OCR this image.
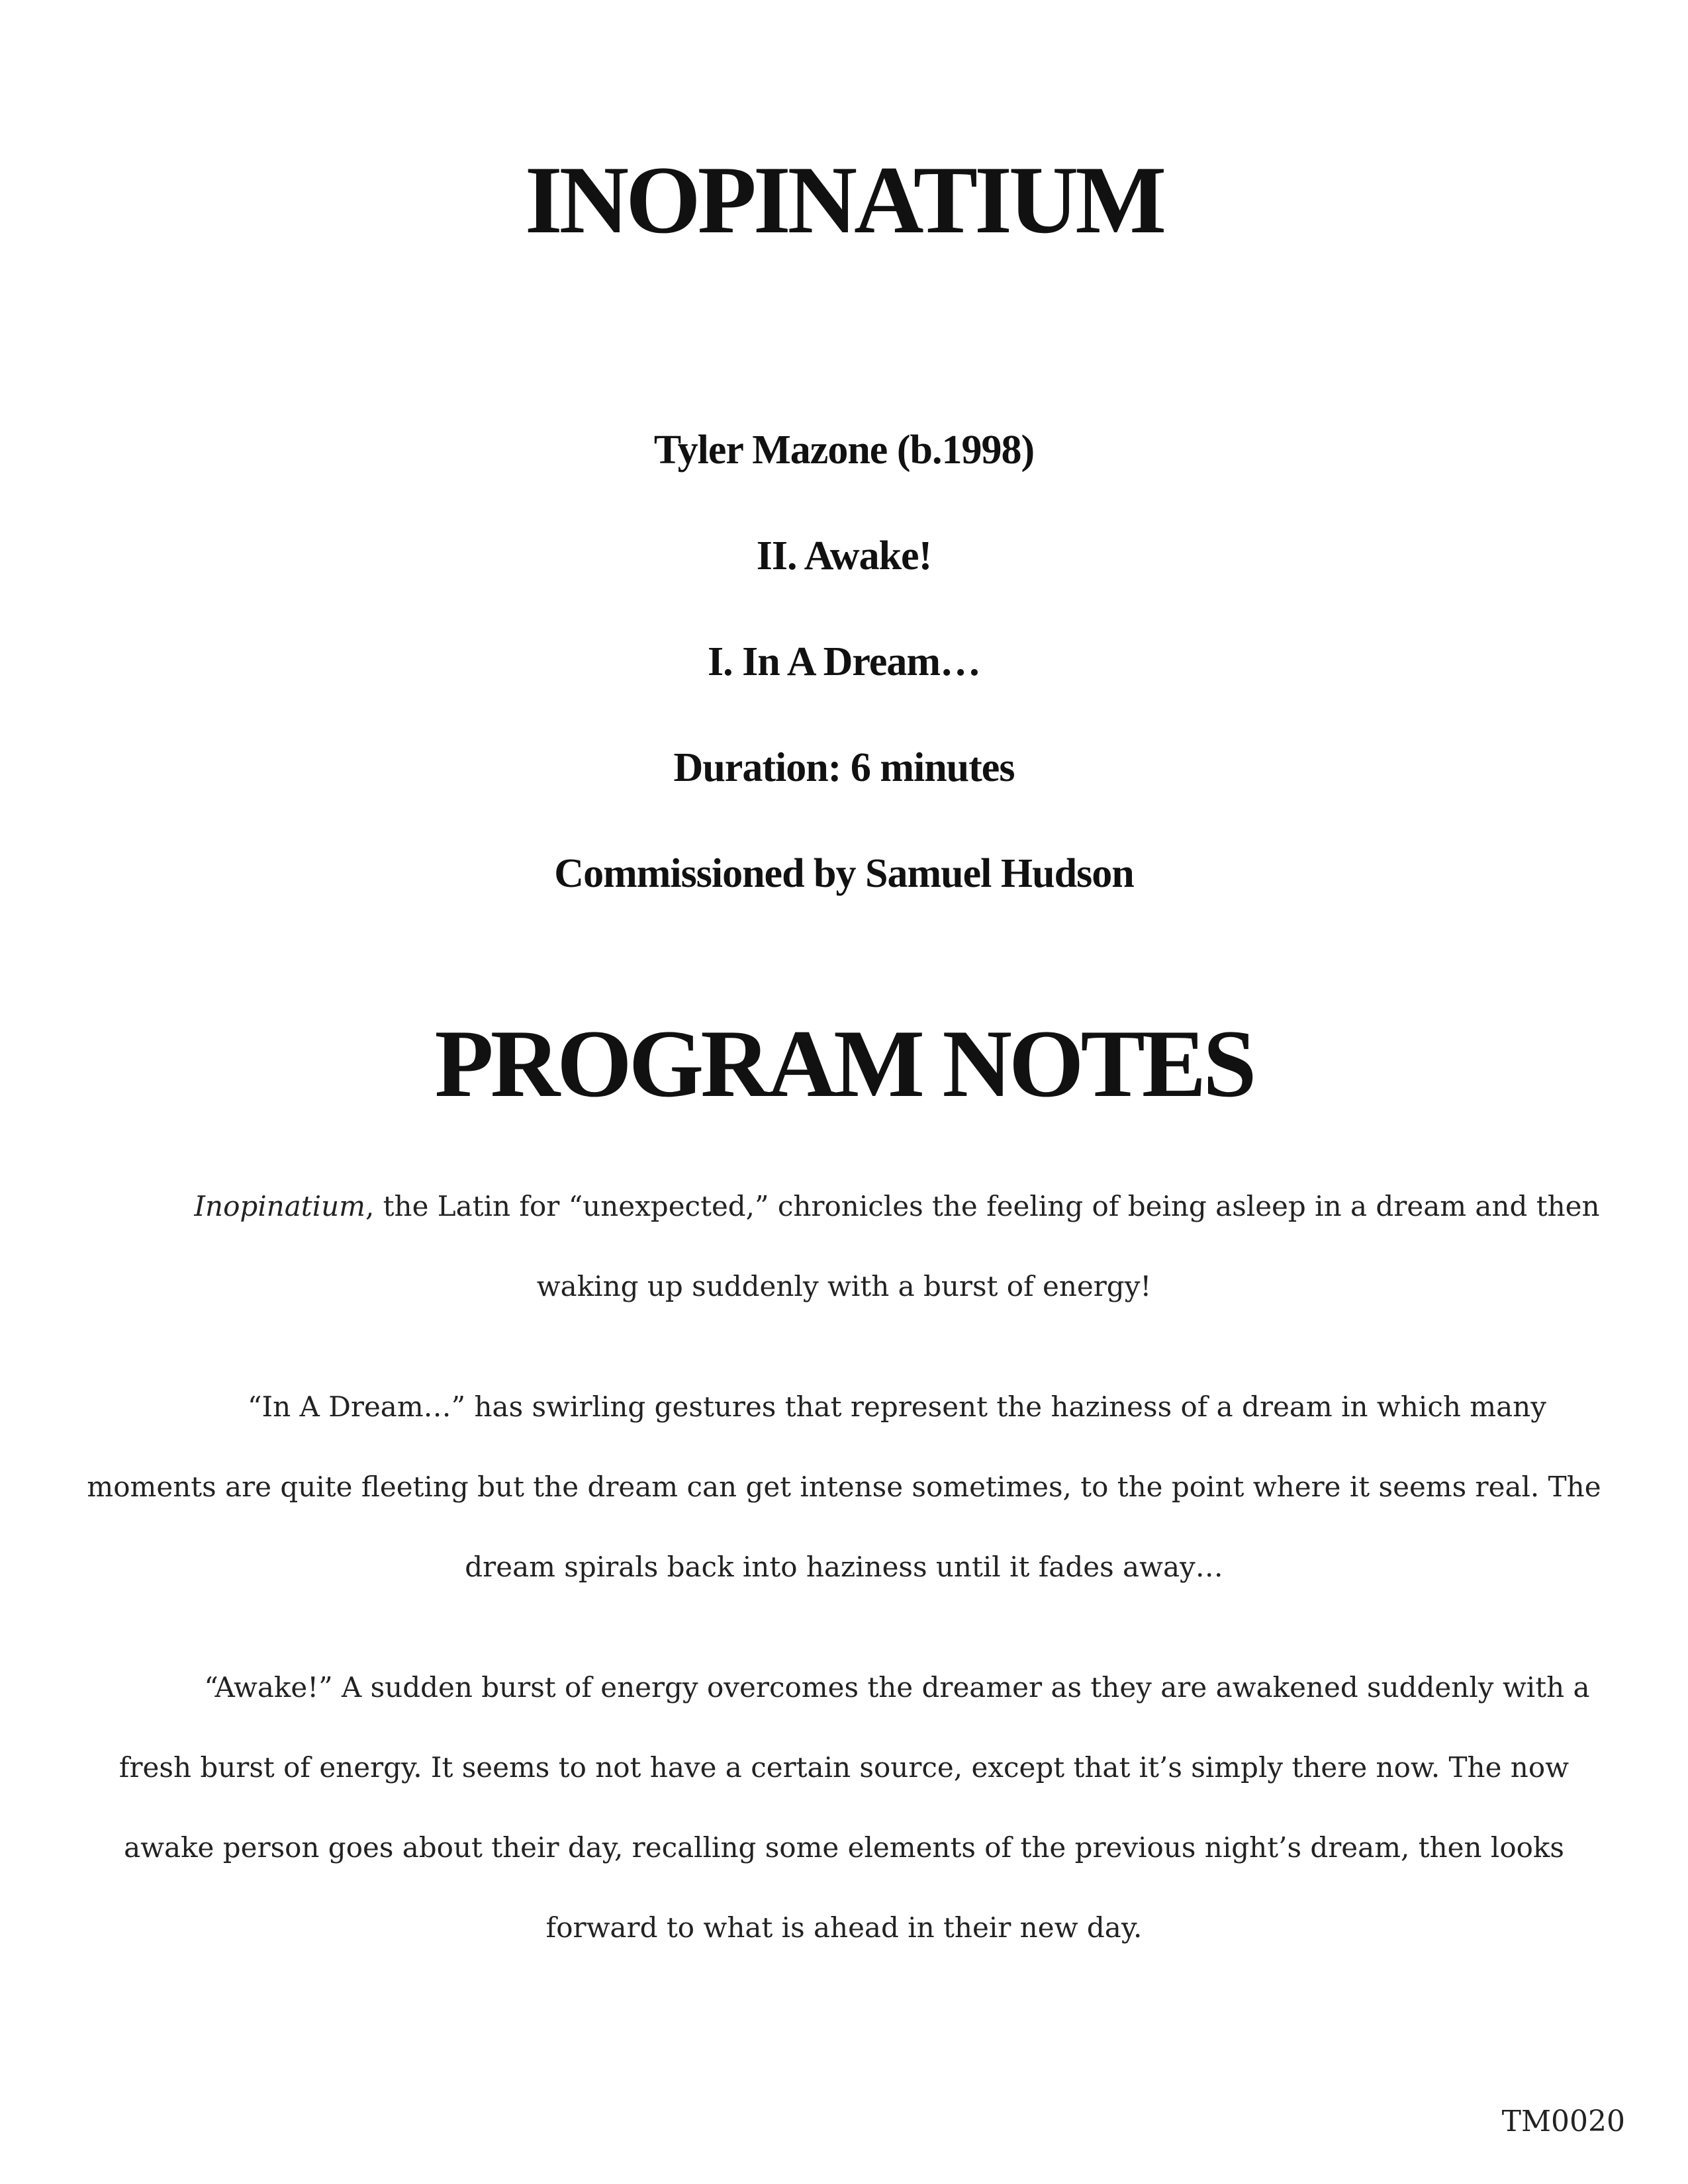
INOPINATIUM
Tyler Mazone (b.1998)
II. Awake!
I. In A Dream…
Duration: 6 minutes
Commissioned by Samuel Hudson
PROGRAM NOTES

Inopinatium, the Latin for “unexpected,” chronicles the feeling of being asleep in a dream and then waking up suddenly with a burst of energy!

“In A Dream…” has swirling gestures that represent the haziness of a dream in which many moments are quite fleeting but the dream can get intense sometimes, to the point where it seems real. The dream spirals back into haziness until it fades away…

“Awake!” A sudden burst of energy overcomes the dreamer as they are awakened suddenly with a fresh burst of energy. It seems to not have a certain source, except that it’s simply there now. The now awake person goes about their day, recalling some elements of the previous night’s dream, then looks forward to what is ahead in their new day.

TM0020
